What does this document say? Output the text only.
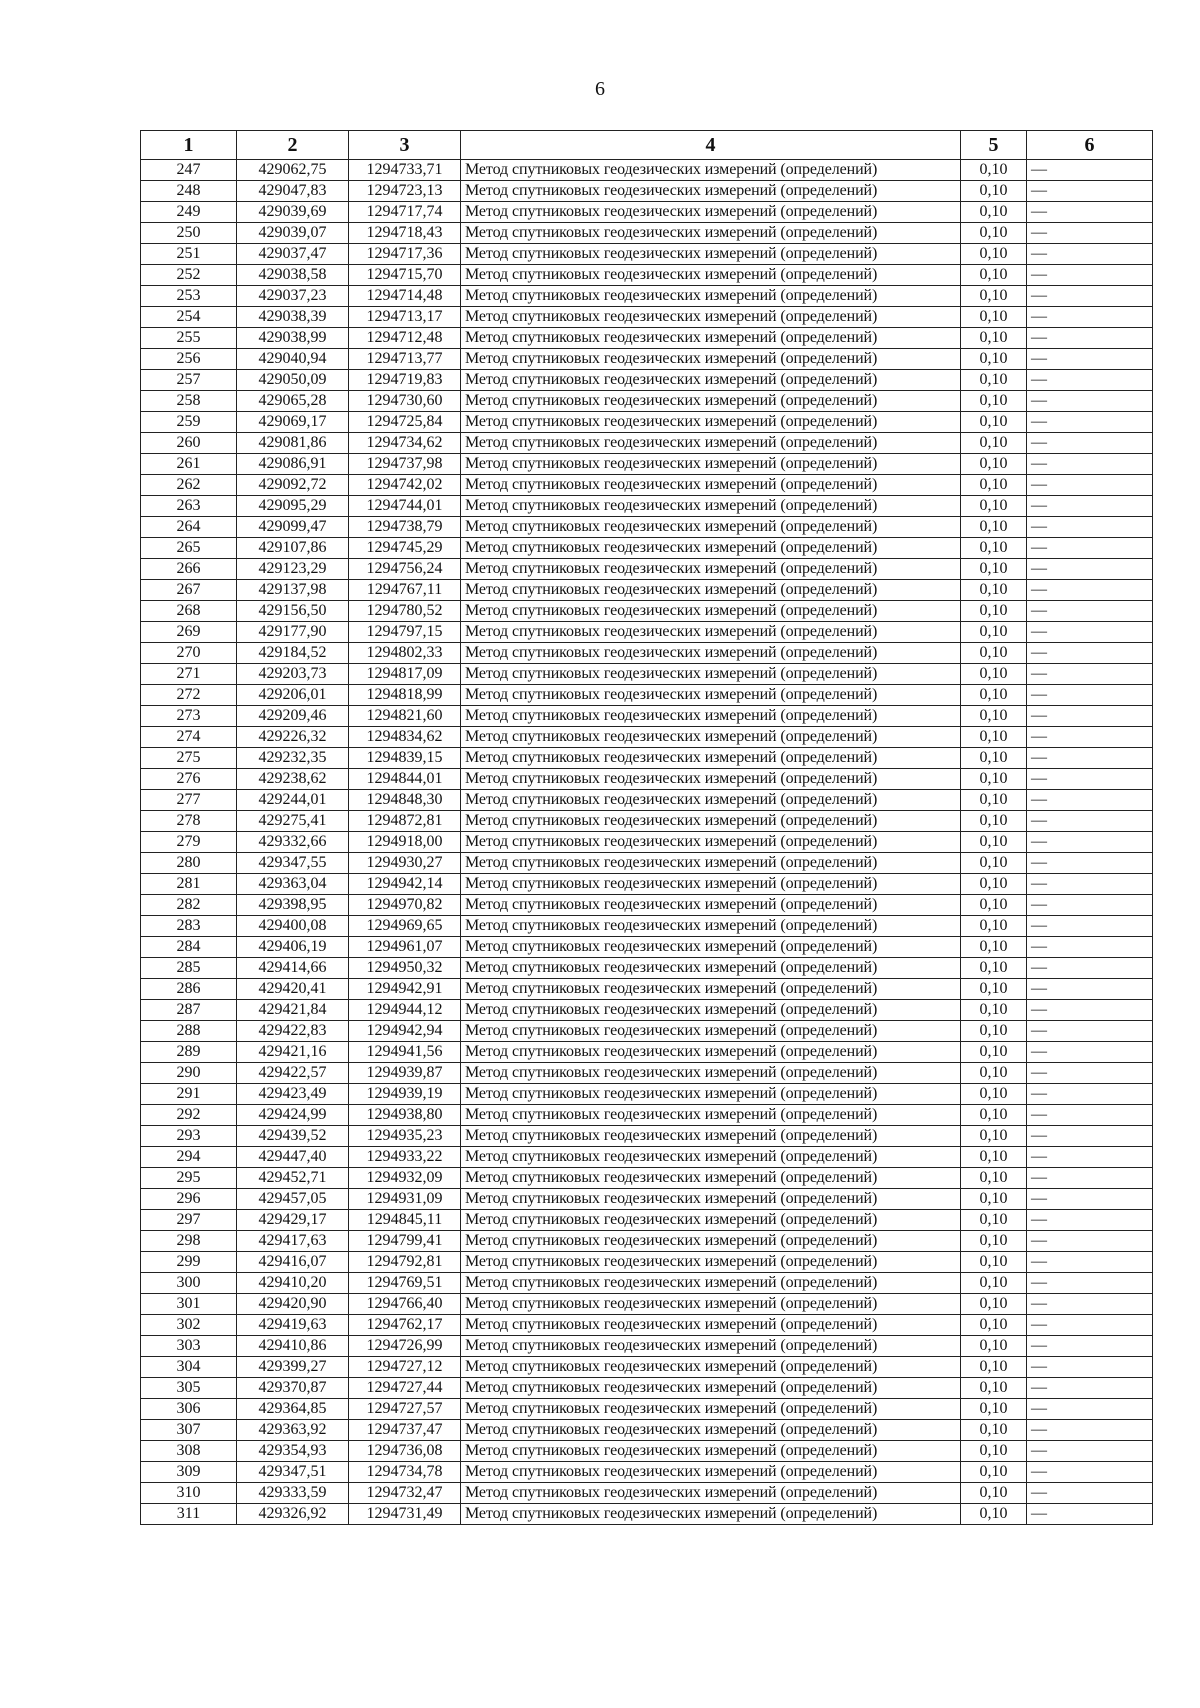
6
1	2	3	4	5	6
247	429062,75	1294733,71	Метод спутниковых геодезических измерений (определений)	0,10	—
248	429047,83	1294723,13	Метод спутниковых геодезических измерений (определений)	0,10	—
249	429039,69	1294717,74	Метод спутниковых геодезических измерений (определений)	0,10	—
250	429039,07	1294718,43	Метод спутниковых геодезических измерений (определений)	0,10	—
251	429037,47	1294717,36	Метод спутниковых геодезических измерений (определений)	0,10	—
252	429038,58	1294715,70	Метод спутниковых геодезических измерений (определений)	0,10	—
253	429037,23	1294714,48	Метод спутниковых геодезических измерений (определений)	0,10	—
254	429038,39	1294713,17	Метод спутниковых геодезических измерений (определений)	0,10	—
255	429038,99	1294712,48	Метод спутниковых геодезических измерений (определений)	0,10	—
256	429040,94	1294713,77	Метод спутниковых геодезических измерений (определений)	0,10	—
257	429050,09	1294719,83	Метод спутниковых геодезических измерений (определений)	0,10	—
258	429065,28	1294730,60	Метод спутниковых геодезических измерений (определений)	0,10	—
259	429069,17	1294725,84	Метод спутниковых геодезических измерений (определений)	0,10	—
260	429081,86	1294734,62	Метод спутниковых геодезических измерений (определений)	0,10	—
261	429086,91	1294737,98	Метод спутниковых геодезических измерений (определений)	0,10	—
262	429092,72	1294742,02	Метод спутниковых геодезических измерений (определений)	0,10	—
263	429095,29	1294744,01	Метод спутниковых геодезических измерений (определений)	0,10	—
264	429099,47	1294738,79	Метод спутниковых геодезических измерений (определений)	0,10	—
265	429107,86	1294745,29	Метод спутниковых геодезических измерений (определений)	0,10	—
266	429123,29	1294756,24	Метод спутниковых геодезических измерений (определений)	0,10	—
267	429137,98	1294767,11	Метод спутниковых геодезических измерений (определений)	0,10	—
268	429156,50	1294780,52	Метод спутниковых геодезических измерений (определений)	0,10	—
269	429177,90	1294797,15	Метод спутниковых геодезических измерений (определений)	0,10	—
270	429184,52	1294802,33	Метод спутниковых геодезических измерений (определений)	0,10	—
271	429203,73	1294817,09	Метод спутниковых геодезических измерений (определений)	0,10	—
272	429206,01	1294818,99	Метод спутниковых геодезических измерений (определений)	0,10	—
273	429209,46	1294821,60	Метод спутниковых геодезических измерений (определений)	0,10	—
274	429226,32	1294834,62	Метод спутниковых геодезических измерений (определений)	0,10	—
275	429232,35	1294839,15	Метод спутниковых геодезических измерений (определений)	0,10	—
276	429238,62	1294844,01	Метод спутниковых геодезических измерений (определений)	0,10	—
277	429244,01	1294848,30	Метод спутниковых геодезических измерений (определений)	0,10	—
278	429275,41	1294872,81	Метод спутниковых геодезических измерений (определений)	0,10	—
279	429332,66	1294918,00	Метод спутниковых геодезических измерений (определений)	0,10	—
280	429347,55	1294930,27	Метод спутниковых геодезических измерений (определений)	0,10	—
281	429363,04	1294942,14	Метод спутниковых геодезических измерений (определений)	0,10	—
282	429398,95	1294970,82	Метод спутниковых геодезических измерений (определений)	0,10	—
283	429400,08	1294969,65	Метод спутниковых геодезических измерений (определений)	0,10	—
284	429406,19	1294961,07	Метод спутниковых геодезических измерений (определений)	0,10	—
285	429414,66	1294950,32	Метод спутниковых геодезических измерений (определений)	0,10	—
286	429420,41	1294942,91	Метод спутниковых геодезических измерений (определений)	0,10	—
287	429421,84	1294944,12	Метод спутниковых геодезических измерений (определений)	0,10	—
288	429422,83	1294942,94	Метод спутниковых геодезических измерений (определений)	0,10	—
289	429421,16	1294941,56	Метод спутниковых геодезических измерений (определений)	0,10	—
290	429422,57	1294939,87	Метод спутниковых геодезических измерений (определений)	0,10	—
291	429423,49	1294939,19	Метод спутниковых геодезических измерений (определений)	0,10	—
292	429424,99	1294938,80	Метод спутниковых геодезических измерений (определений)	0,10	—
293	429439,52	1294935,23	Метод спутниковых геодезических измерений (определений)	0,10	—
294	429447,40	1294933,22	Метод спутниковых геодезических измерений (определений)	0,10	—
295	429452,71	1294932,09	Метод спутниковых геодезических измерений (определений)	0,10	—
296	429457,05	1294931,09	Метод спутниковых геодезических измерений (определений)	0,10	—
297	429429,17	1294845,11	Метод спутниковых геодезических измерений (определений)	0,10	—
298	429417,63	1294799,41	Метод спутниковых геодезических измерений (определений)	0,10	—
299	429416,07	1294792,81	Метод спутниковых геодезических измерений (определений)	0,10	—
300	429410,20	1294769,51	Метод спутниковых геодезических измерений (определений)	0,10	—
301	429420,90	1294766,40	Метод спутниковых геодезических измерений (определений)	0,10	—
302	429419,63	1294762,17	Метод спутниковых геодезических измерений (определений)	0,10	—
303	429410,86	1294726,99	Метод спутниковых геодезических измерений (определений)	0,10	—
304	429399,27	1294727,12	Метод спутниковых геодезических измерений (определений)	0,10	—
305	429370,87	1294727,44	Метод спутниковых геодезических измерений (определений)	0,10	—
306	429364,85	1294727,57	Метод спутниковых геодезических измерений (определений)	0,10	—
307	429363,92	1294737,47	Метод спутниковых геодезических измерений (определений)	0,10	—
308	429354,93	1294736,08	Метод спутниковых геодезических измерений (определений)	0,10	—
309	429347,51	1294734,78	Метод спутниковых геодезических измерений (определений)	0,10	—
310	429333,59	1294732,47	Метод спутниковых геодезических измерений (определений)	0,10	—
311	429326,92	1294731,49	Метод спутниковых геодезических измерений (определений)	0,10	—
